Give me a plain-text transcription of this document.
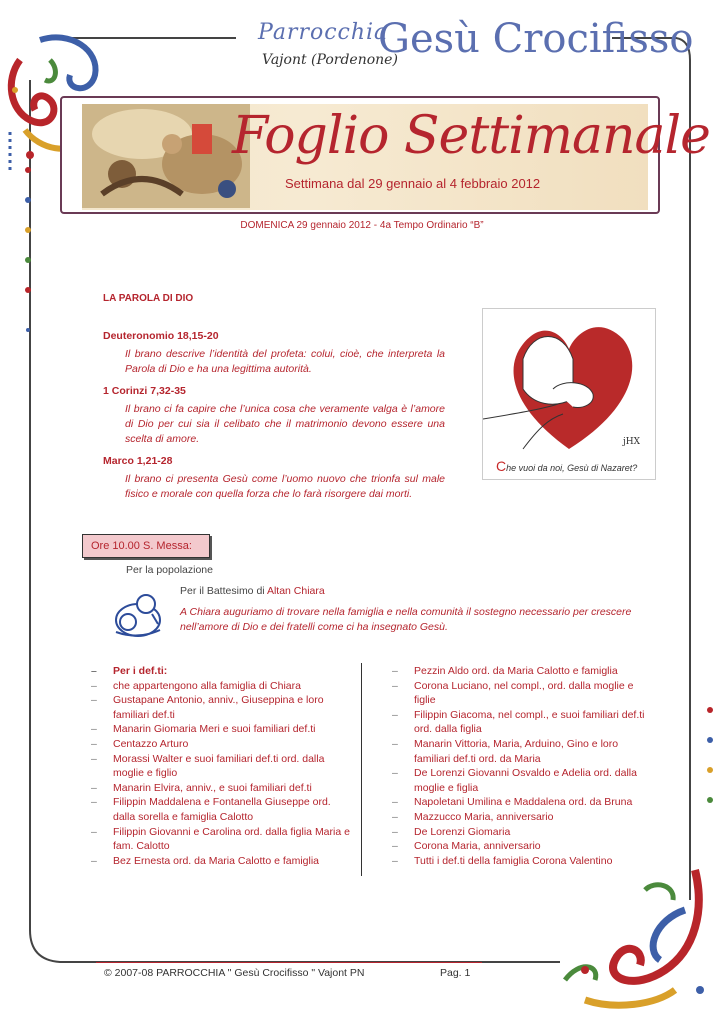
Parrocchia
Gesù Crocifisso
Vajont (Pordenone)
Foglio Settimanale
Settimana dal 29 gennaio al 4 febbraio 2012
DOMENICA 29 gennaio 2012 - 4a Tempo Ordinario “B”
LA PAROLA DI DIO
Deuteronomio 18,15-20
Il brano descrive l’identità del profeta: colui, cioè, che interpreta la Parola di Dio e ha una legittima autorità.
1 Corinzi 7,32-35
Il brano ci fa capire che l’unica cosa che veramente valga è l’amore di Dio per cui sia il celibato che il matrimonio devono essere una scelta di amore.
Marco 1,21-28
Il brano ci presenta Gesù come l’uomo nuovo che trionfa sul male fisico e morale con quella forza che lo farà risorgere dai morti.
jHX
Che vuoi da noi, Gesù di Nazaret?
Ore 10.00 S. Messa:
Per la popolazione
Per il Battesimo di Altan Chiara
A Chiara auguriamo di trovare nella famiglia e nella comunità il sostegno necessario per crescere nell’amore di Dio e dei fratelli come ci ha insegnato Gesù.
– Per i def.ti:
– che appartengono alla famiglia di Chiara
– Gustapane Antonio, anniv., Giuseppina e loro familiari def.ti
– Manarin Giomaria Meri e suoi familiari def.ti
– Centazzo Arturo
– Morassi Walter e suoi familiari def.ti ord. dalla moglie e figlio
– Manarin Elvira, anniv., e suoi familiari def.ti
– Filippin Maddalena e Fontanella Giuseppe ord. dalla sorella e famiglia Calotto
– Filippin Giovanni e Carolina ord. dalla figlia Maria e fam. Calotto
– Bez Ernesta ord. da Maria Calotto e famiglia
– Pezzin Aldo ord. da Maria Calotto e famiglia
– Corona Luciano, nel compl., ord. dalla moglie e figlie
– Filippin Giacoma, nel compl., e suoi familiari def.ti ord. dalla figlia
– Manarin Vittoria, Maria, Arduino, Gino e loro familiari def.ti ord. da Maria
– De Lorenzi Giovanni Osvaldo e Adelia ord. dalla moglie e figlia
– Napoletani Umilina e Maddalena ord. da Bruna
– Mazzucco Maria, anniversario
– De Lorenzi Giomaria
– Corona Maria, anniversario
– Tutti i def.ti della famiglia Corona Valentino
© 2007-08 PARROCCHIA " Gesù Crocifisso " Vajont PN	Pag. 1
